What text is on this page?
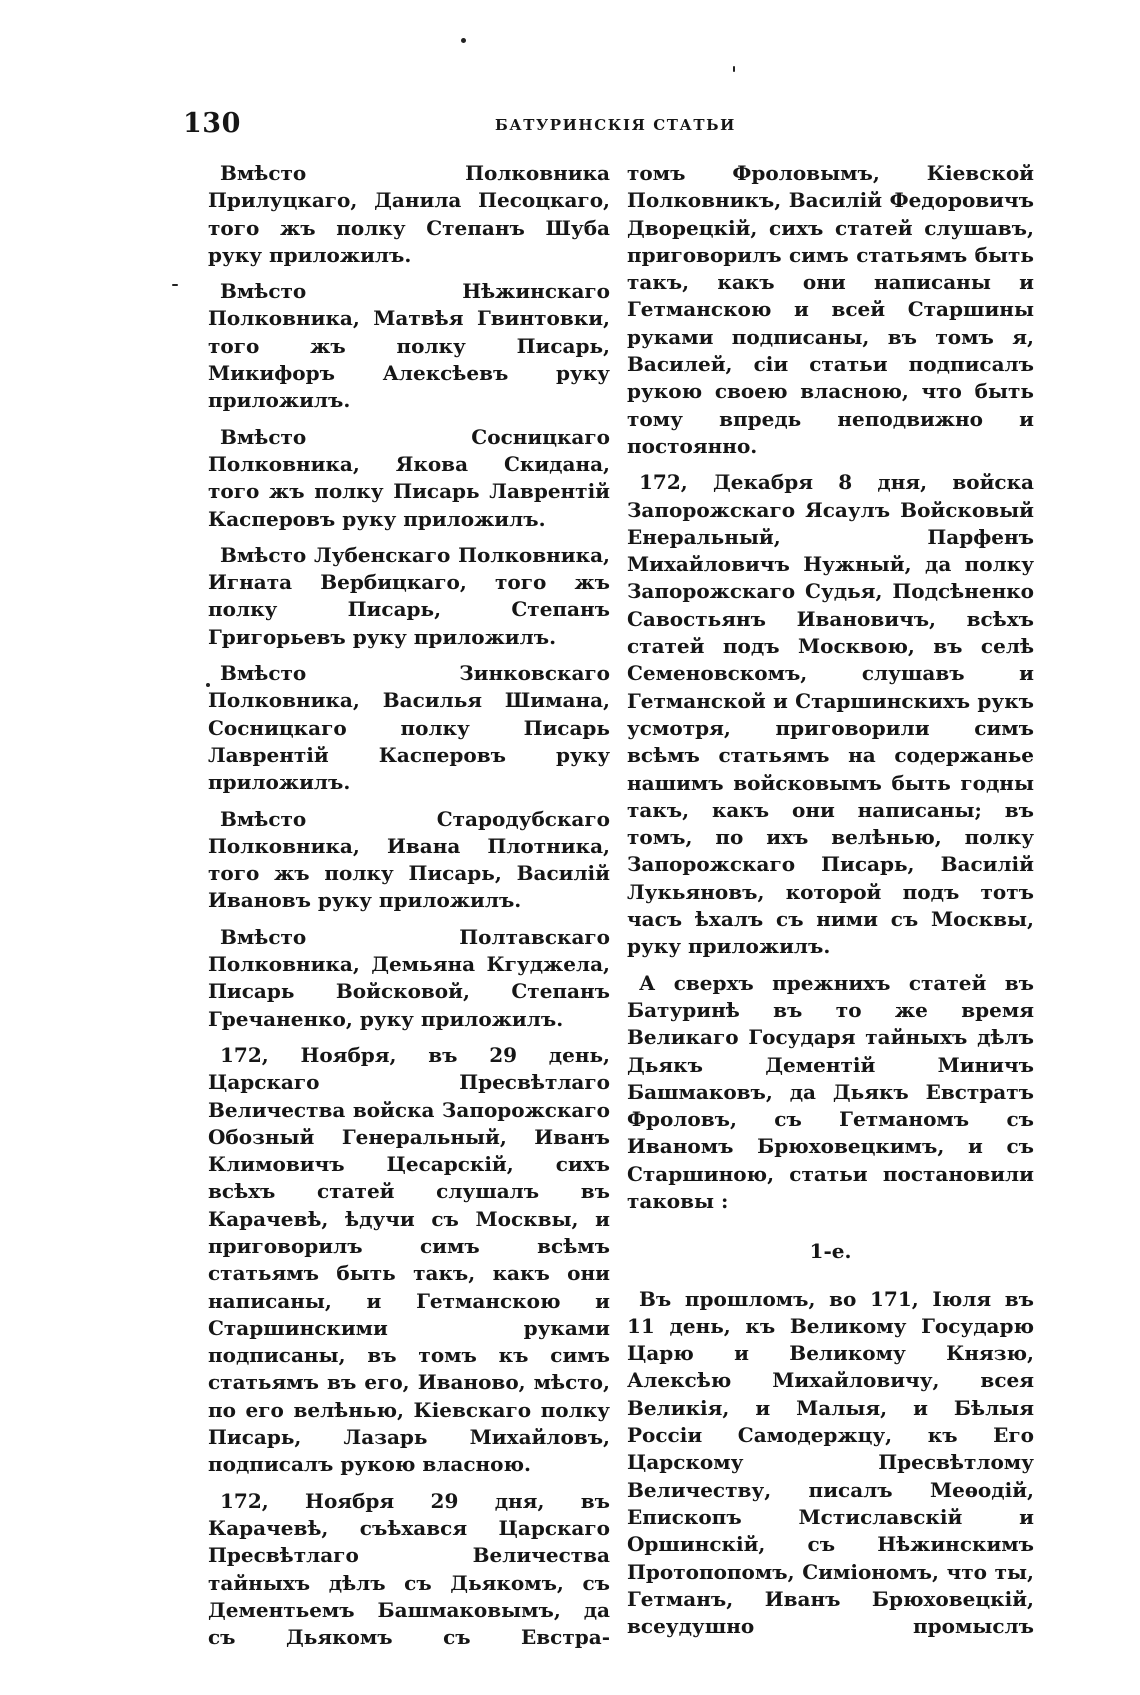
130	БАТУРИНСКІЯ СТАТЬИ

Вмѣсто Полковника Прилуцкаго, Данила Песоцкаго, того жъ полку Степанъ Шуба руку приложилъ.

Вмѣсто Нѣжинскаго Полковника, Матвѣя Гвинтовки, того жъ полку Писарь, Микифоръ Алексѣевъ руку приложилъ.

Вмѣсто Сосницкаго Полковника, Якова Скидана, того жъ полку Писарь Лаврентій Касперовъ руку приложилъ.

Вмѣсто Лубенскаго Полковника, Игната Вербицкаго, того жъ полку Писарь, Степанъ Григорьевъ руку приложилъ.

Вмѣсто Зинковскаго Полковника, Василья Шимана, Сосницкаго полку Писарь Лаврентій Касперовъ руку приложилъ.

Вмѣсто Стародубскаго Полковника, Ивана Плотника, того жъ полку Писарь, Василій Ивановъ руку приложилъ.

Вмѣсто Полтавскаго Полковника, Демьяна Кгуджела, Писарь Войсковой, Степанъ Гречаненко, руку приложилъ.

172, Ноября, въ 29 день, Царскаго Пресвѣтлаго Величества войска Запорожскаго Обозный Генеральный, Иванъ Климовичъ Цесарскій, сихъ всѣхъ статей слушалъ въ Карачевѣ, ѣдучи съ Москвы, и приговорилъ симъ всѣмъ статьямъ быть такъ, какъ они написаны, и Гетманскою и Старшинскими руками подписаны, въ томъ къ симъ статьямъ въ его, Иваново, мѣсто, по его велѣнью, Кіевскаго полку Писарь, Лазарь Михайловъ, подписалъ рукою власною.

172, Ноября 29 дня, въ Карачевѣ, съѣхався Царскаго Пресвѣтлаго Величества тайныхъ дѣлъ съ Дьякомъ, съ Дементьемъ Башмаковымъ, да съ Дьякомъ съ Евстра-

томъ Фроловымъ, Кіевской Полковникъ, Василій Федоровичъ Дворецкій, сихъ статей слушавъ, приговорилъ симъ статьямъ быть такъ, какъ они написаны и Гетманскою и всей Старшины руками подписаны, въ томъ я, Василей, сіи статьи подписалъ рукою своею власною, что быть тому впредь неподвижно и постоянно.

172, Декабря 8 дня, войска Запорожскаго Ясаулъ Войсковый Енеральный, Парфенъ Михайловичъ Нужный, да полку Запорожскаго Судья, Подсѣненко Савостьянъ Ивановичъ, всѣхъ статей подъ Москвою, въ селѣ Семеновскомъ, слушавъ и Гетманской и Старшинскихъ рукъ усмотря, приговорили симъ всѣмъ статьямъ на содержанье нашимъ войсковымъ быть годны такъ, какъ они написаны; въ томъ, по ихъ велѣнью, полку Запорожскаго Писарь, Василій Лукьяновъ, которой подъ тотъ часъ ѣхалъ съ ними съ Москвы, руку приложилъ.

А сверхъ прежнихъ статей въ Батуринѣ въ то же время Великаго Государя тайныхъ дѣлъ Дьякъ Дементій Миничъ Башмаковъ, да Дьякъ Евстратъ Фроловъ, съ Гетманомъ съ Иваномъ Брюховецкимъ, и съ Старшиною, статьи постановили таковы :

1-е.

Въ прошломъ, во 171, Іюля въ 11 день, къ Великому Государю Царю и Великому Князю, Алексѣю Михайловичу, всея Великія, и Малыя, и Бѣлыя Россіи Самодержцу, къ Его Царскому Пресвѣтлому Величеству, писалъ Меѳодій, Епископъ Мстиславскій и Оршинскій, съ Нѣжинскимъ Протопопомъ, Симіономъ, что ты, Гетманъ, Иванъ Брюховецкій, всеудушно промыслъ
